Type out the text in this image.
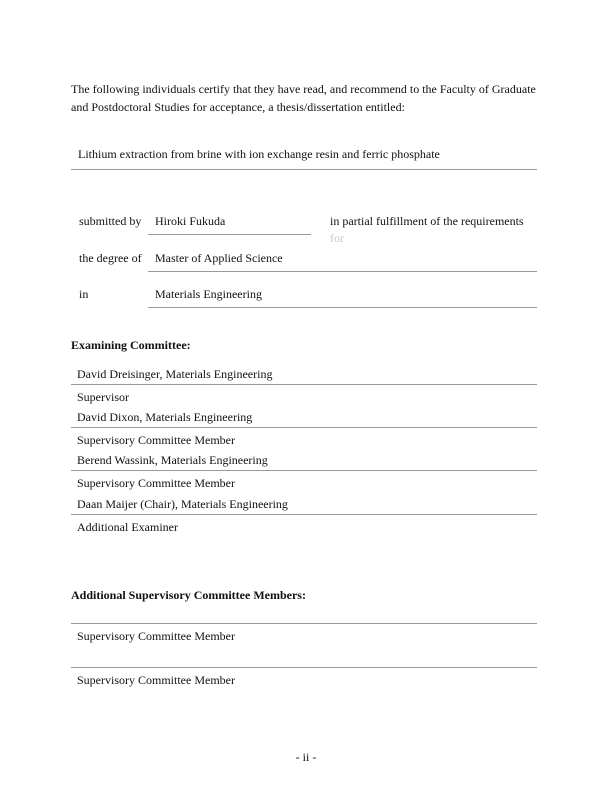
The following individuals certify that they have read, and recommend to the Faculty of Graduate and Postdoctoral Studies for acceptance, a thesis/dissertation entitled:

Lithium extraction from brine with ion exchange resin and ferric phosphate
submitted by	Hiroki Fukuda	in partial fulfillment of the requirements
for
the degree of	Master of Applied Science
in	Materials Engineering
Examining Committee:
David Dreisinger, Materials Engineering
Supervisor
David Dixon, Materials Engineering
Supervisory Committee Member
Berend Wassink, Materials Engineering
Supervisory Committee Member
Daan Maijer (Chair), Materials Engineering
Additional Examiner
Additional Supervisory Committee Members:
Supervisory Committee Member
Supervisory Committee Member
- ii -
